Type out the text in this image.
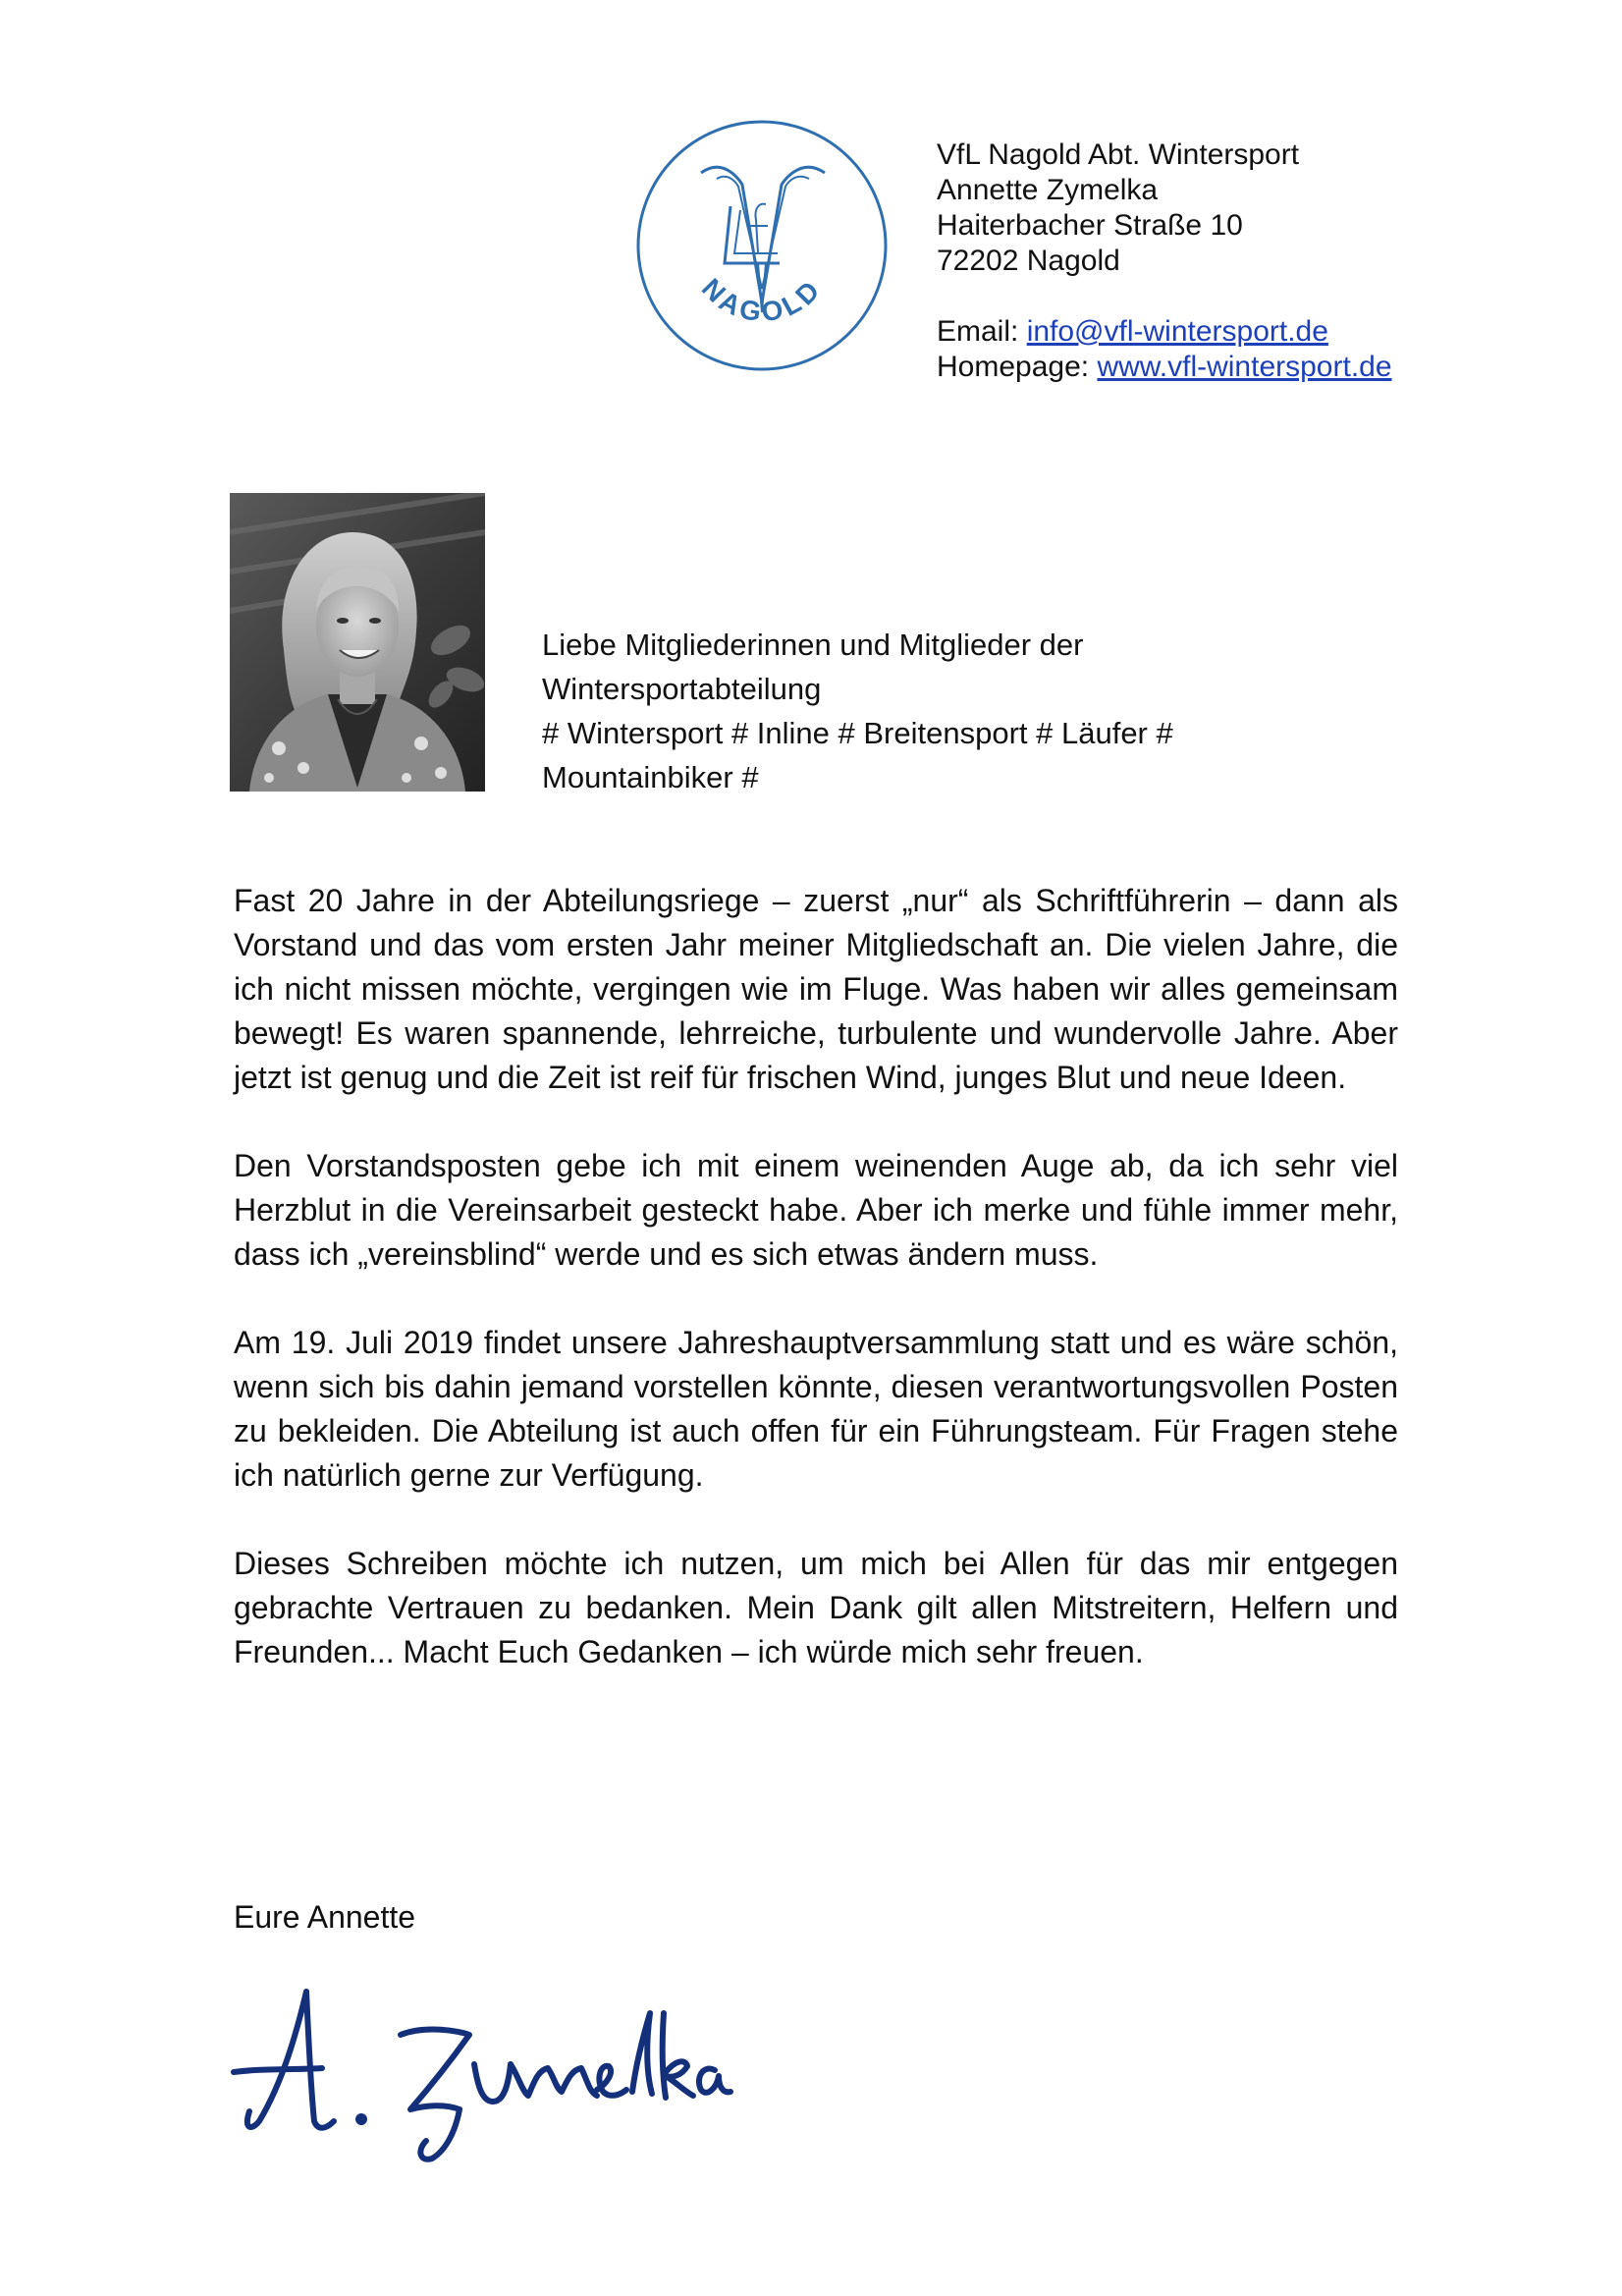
NAGOLD
VfL Nagold Abt. Wintersport
Annette Zymelka
Haiterbacher Straße 10
72202 Nagold
Email: info@vfl-wintersport.de
Homepage: www.vfl-wintersport.de
Liebe Mitgliederinnen und Mitglieder der
Wintersportabteilung
# Wintersport # Inline # Breitensport # Läufer #
Mountainbiker #

Fast 20 Jahre in der Abteilungsriege – zuerst „nur“ als Schriftführerin – dann als Vorstand und das vom ersten Jahr meiner Mitgliedschaft an. Die vielen Jahre, die ich nicht missen möchte, vergingen wie im Fluge. Was haben wir alles gemeinsam bewegt! Es waren spannende, lehrreiche, turbulente und wundervolle Jahre. Aber jetzt ist genug und die Zeit ist reif für frischen Wind, junges Blut und neue Ideen.

Den Vorstandsposten gebe ich mit einem weinenden Auge ab, da ich sehr viel Herzblut in die Vereinsarbeit gesteckt habe. Aber ich merke und fühle immer mehr, dass ich „vereinsblind“ werde und es sich etwas ändern muss.

Am 19. Juli 2019 findet unsere Jahreshauptversammlung statt und es wäre schön, wenn sich bis dahin jemand vorstellen könnte, diesen verantwortungsvollen Posten zu bekleiden. Die Abteilung ist auch offen für ein Führungsteam. Für Fragen stehe ich natürlich gerne zur Verfügung.

Dieses Schreiben möchte ich nutzen, um mich bei Allen für das mir entgegen gebrachte Vertrauen zu bedanken. Mein Dank gilt allen Mitstreitern, Helfern und Freunden... Macht Euch Gedanken – ich würde mich sehr freuen.

Eure Annette
